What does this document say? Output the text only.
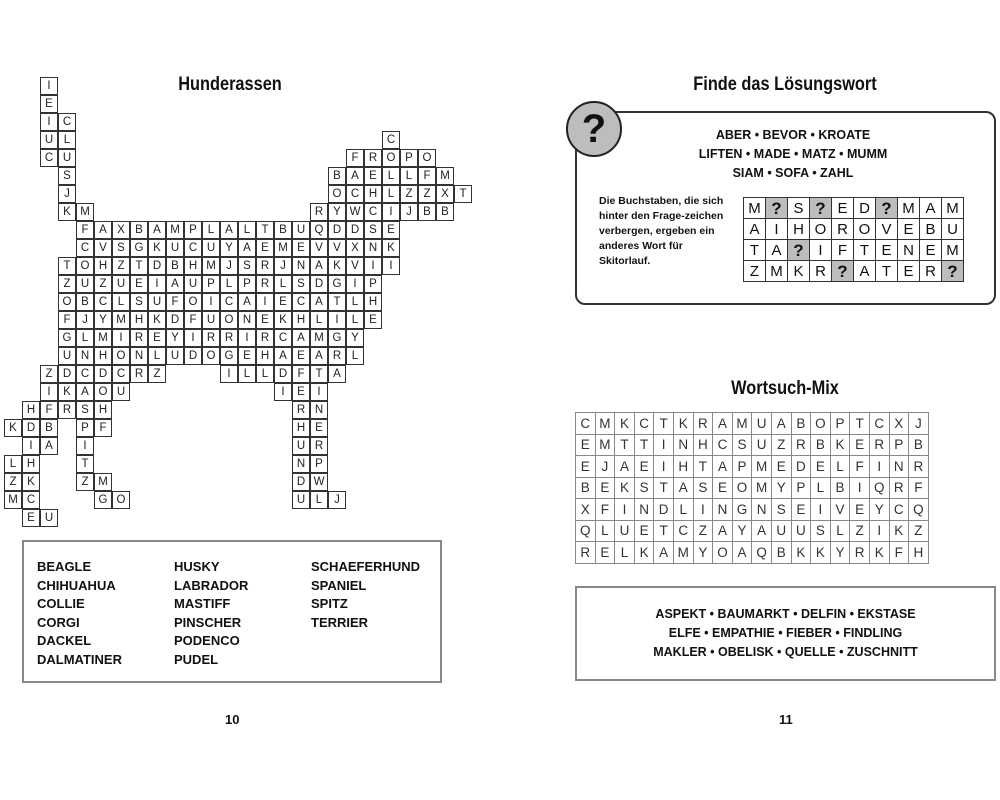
Hunderassen
I
E
I	C
U L
C U
S
J
K M
F A X B A M P L A L T B U Q D D S E
C V S G K U C U Y A E M E V V X N K
T O H Z T D B H M J S R J N A K V	I
Z U Z U E	I	A U P L P R L S D G	I	P
O B C L S U F O	I	C A	I	E C A T L H
F	J Y M H K D F U O N E K H L	I	L E
G L M	I	R E Y	I	R R	I	R C A M G Y
U N H O N L U D O G E H A E A R L
Z D C D C R Z
I	K A O U
H F R S H
K D B
I	A
L H
Z K
M C
E U
C
F R O P O
B A E L	L F M
O C H L Z Z X T
R Y W C	I	J B B
I	L	L D F T A
I	E	I
R N
H E
U R
N P
D W
U L	J
P F
I
T
Z M
G O
I
BEAGLE
CHIHUAHUA
COLLIE
CORGI
DACKEL
DALMATINER
HUSKY
LABRADOR
MASTIFF
PINSCHER
PODENCO
PUDEL
SCHAEFERHUND
SPANIEL
SPITZ
TERRIER
10
Finde das Lösungswort
?	ABER • BEVOR • KROATE
LIFTEN • MADE • MATZ • MUMM
SIAM • SOFA • ZAHL
Die Buchstaben, die sich hinter den Frage-zeichen verbergen, ergeben ein anderes Wort für Skitorlauf.
M	?	S	?	E	D	?	M	A	M
A	I	H	O	R	O	V	E	B	U
T	A	?	I	F	T	E	N	E	M
Z	M	K	R	?	A	T	E	R	?
Wortsuch-Mix
C	M	K	C	T	K	R	A	M	U	A	B	O	P	T	C	X	J
E	M	T	T	I	N	H	C	S	U	Z	R	B	K	E	R	P	B
E	J	A	E	I	H	T	A	P	M	E	D	E	L	F	I	N	R
B	E	K	S	T	A	S	E	O	M	Y	P	L	B	I	Q	R	F
X	F	I	N	D	L	I	N	G	N	S	E	I	V	E	Y	C	Q
Q	L	U	E	T	C	Z	A	Y	A	U	U	S	L	Z	I	K	Z
R	E	L	K	A	M	Y	O	A	Q	B	K	K	Y	R	K	F	H
ASPEKT • BAUMARKT • DELFIN • EKSTASE
ELFE • EMPATHIE • FIEBER • FINDLING
MAKLER • OBELISK • QUELLE • ZUSCHNITT
11
